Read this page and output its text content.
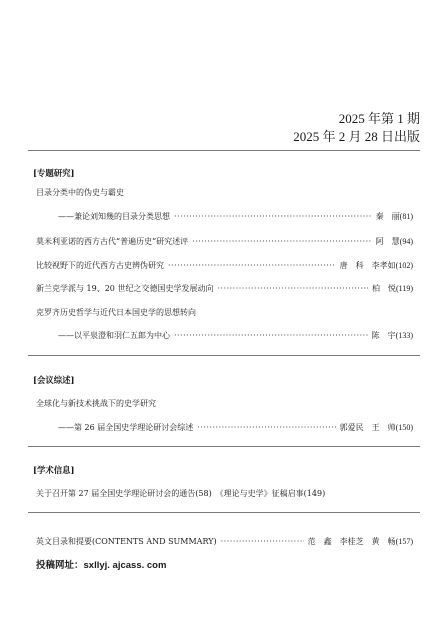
2025 年第 1 期
2025 年 2 月 28 日出版
[专题研究]
目录分类中的伪史与霸史
——兼论刘知幾的目录分类思想 ·····	秦　丽 (81)
莫米利亚诺的西方古代“普遍历史”研究述评 ·····	阿　慧 (94)
比较视野下的近代西方古史辨伪研究 ·····	唐　科　李孝如 (102)
新兰克学派与 19、20 世纪之交德国史学发展动向 ·····	柏　悦 (119)
克罗齐历史哲学与近代日本国史学的思想转向
——以平泉澄和羽仁五郎为中心 ·····	陈　宇 (133)
[会议综述]
全球化与新技术挑战下的史学研究
——第 26 届全国史学理论研讨会综述 ·····	郭爱民　王　帅 (150)
[学术信息]
关于召开第 27 届全国史学理论研讨会的通告(58)　《理论与史学》征稿启事(149)
英文目录和提要(CONTENTS AND SUMMARY) ·····	范　鑫　李桂芝　黄　畅 (157)
投稿网址：sxllyj. ajcass. com
